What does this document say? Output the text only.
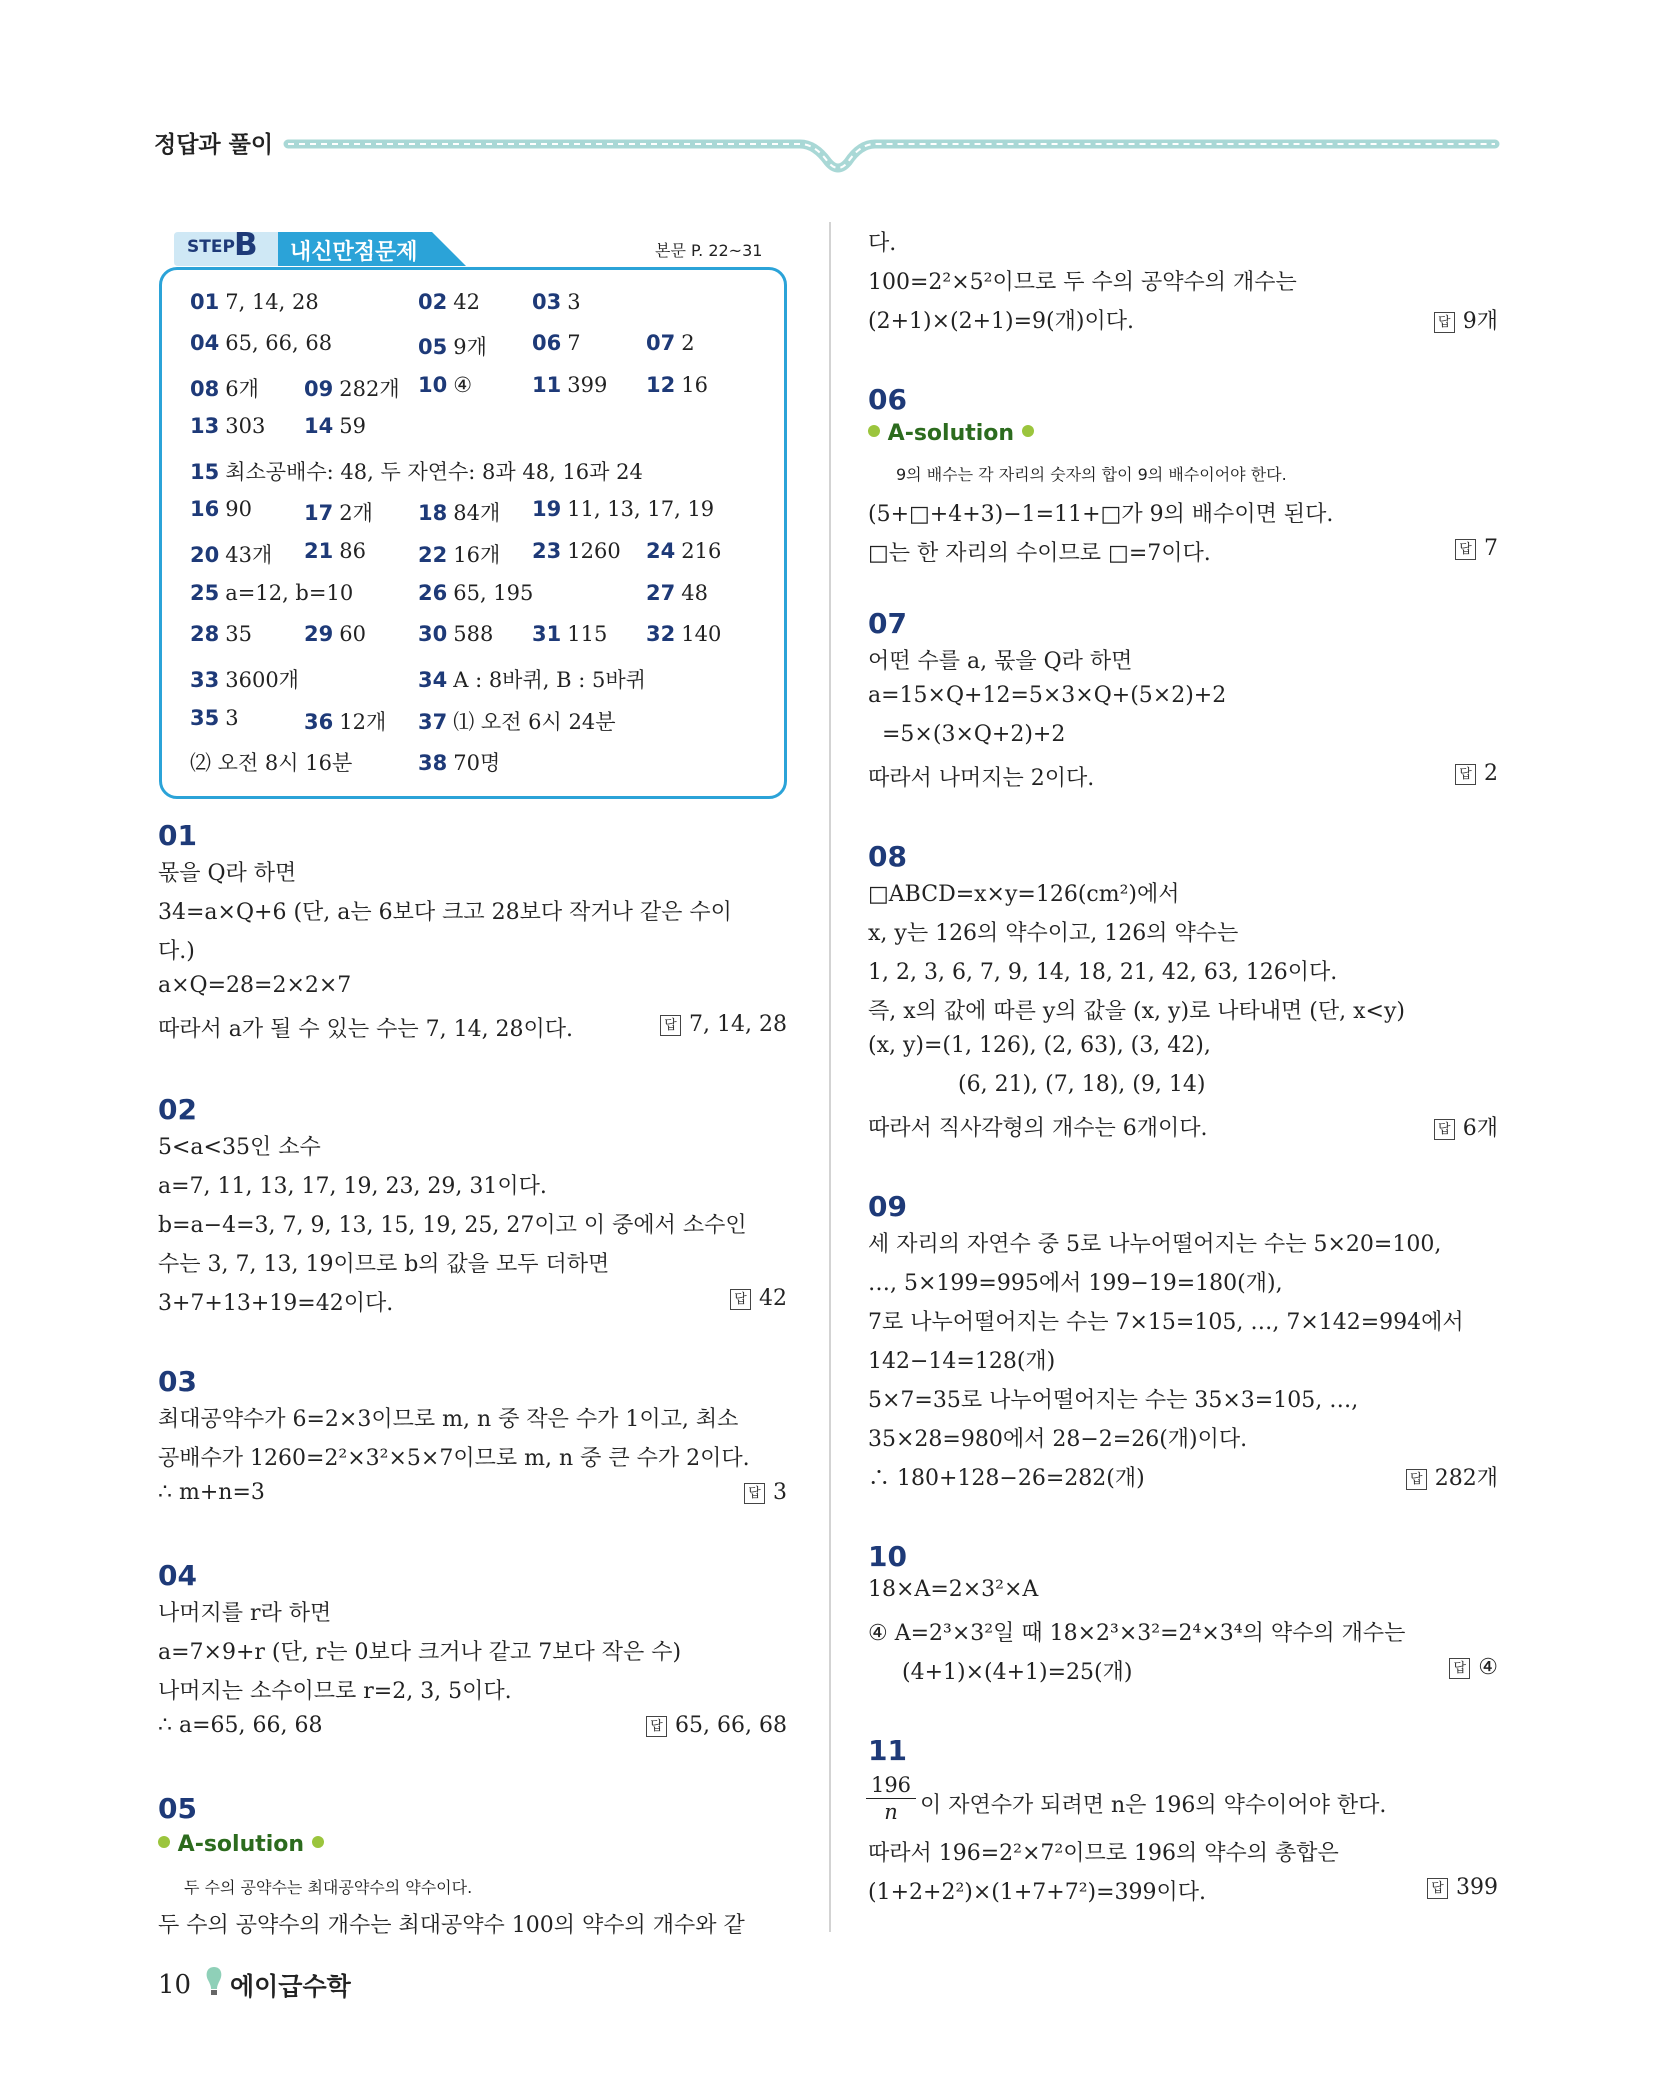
정답과 풀이
STEP B 내신만점문제	본문 P. 22~31
01 7, 14, 28	02 42 03 3
04 65, 66, 68	05 9개 06 7	07 2
08 6개 09 282개 10 ④	11 399 12 16
13 303 14 59
15 최소공배수: 48, 두 자연수: 8과 48, 16과 24
16 90 17 2개 18 84개 19 11, 13, 17, 19
20 43개 21 86 22 16개 23 1260 24 216
25 a=12, b=10	26 65, 195	27 48
28 35 29 60 30 588 31 115 32 140
33 3600개	34 A : 8바퀴, B : 5바퀴
35 3	36 12개 37 ⑴ 오전 6시 24분
⑵ 오전 8시 16분	38 70명
01
몫을 Q라 하면
34=a×Q+6 (단, a는 6보다 크고 28보다 작거나 같은 수이
다.)
a×Q=28=2×2×7
따라서 a가 될 수 있는 수는 7, 14, 28이다.	답 7, 14, 28
02
5<a<35인 소수
a=7, 11, 13, 17, 19, 23, 29, 31이다.
b=a−4=3, 7, 9, 13, 15, 19, 25, 27이고 이 중에서 소수인
수는 3, 7, 13, 19이므로 b의 값을 모두 더하면
3+7+13+19=42이다.	답 42
03
최대공약수가 6=2×3이므로 m, n 중 작은 수가 1이고, 최소
공배수가 1260=2²×3²×5×7이므로 m, n 중 큰 수가 2이다.
∴ m+n=3	답 3
04
나머지를 r라 하면
a=7×9+r (단, r는 0보다 크거나 같고 7보다 작은 수)
나머지는 소수이므로 r=2, 3, 5이다.
∴ a=65, 66, 68	답 65, 66, 68
05
A-solution
두 수의 공약수는 최대공약수의 약수이다.
두 수의 공약수의 개수는 최대공약수 100의 약수의 개수와 같
다.
100=2²×5²이므로 두 수의 공약수의 개수는
(2+1)×(2+1)=9(개)이다.	답 9개
06
A-solution
9의 배수는 각 자리의 숫자의 합이 9의 배수이어야 한다.
(5+□+4+3)−1=11+□가 9의 배수이면 된다.
□는 한 자리의 수이므로 □=7이다.	답 7
07
어떤 수를 a, 몫을 Q라 하면
a=15×Q+12=5×3×Q+(5×2)+2
=5×(3×Q+2)+2
따라서 나머지는 2이다.	답 2
08
□ABCD=x×y=126(cm²)에서
x, y는 126의 약수이고, 126의 약수는
1, 2, 3, 6, 7, 9, 14, 18, 21, 42, 63, 126이다.
즉, x의 값에 따른 y의 값을 (x, y)로 나타내면 (단, x<y)
(x, y)=(1, 126), (2, 63), (3, 42),
(6, 21), (7, 18), (9, 14)
따라서 직사각형의 개수는 6개이다.	답 6개
09
세 자리의 자연수 중 5로 나누어떨어지는 수는 5×20=100,
…, 5×199=995에서 199−19=180(개),
7로 나누어떨어지는 수는 7×15=105, …, 7×142=994에서
142−14=128(개)
5×7=35로 나누어떨어지는 수는 35×3=105, …,
35×28=980에서 28−2=26(개)이다.
∴ 180+128−26=282(개)	답 282개
10
18×A=2×3²×A
④ A=2³×3²일 때 18×2³×3²=2⁴×3⁴의 약수의 개수는
(4+1)×(4+1)=25(개)	답 ④
11
196
n	이 자연수가 되려면 n은 196의 약수이어야 한다.
따라서 196=2²×7²이므로 196의 약수의 총합은
(1+2+2²)×(1+7+7²)=399이다.	답 399
10 에이급수학
